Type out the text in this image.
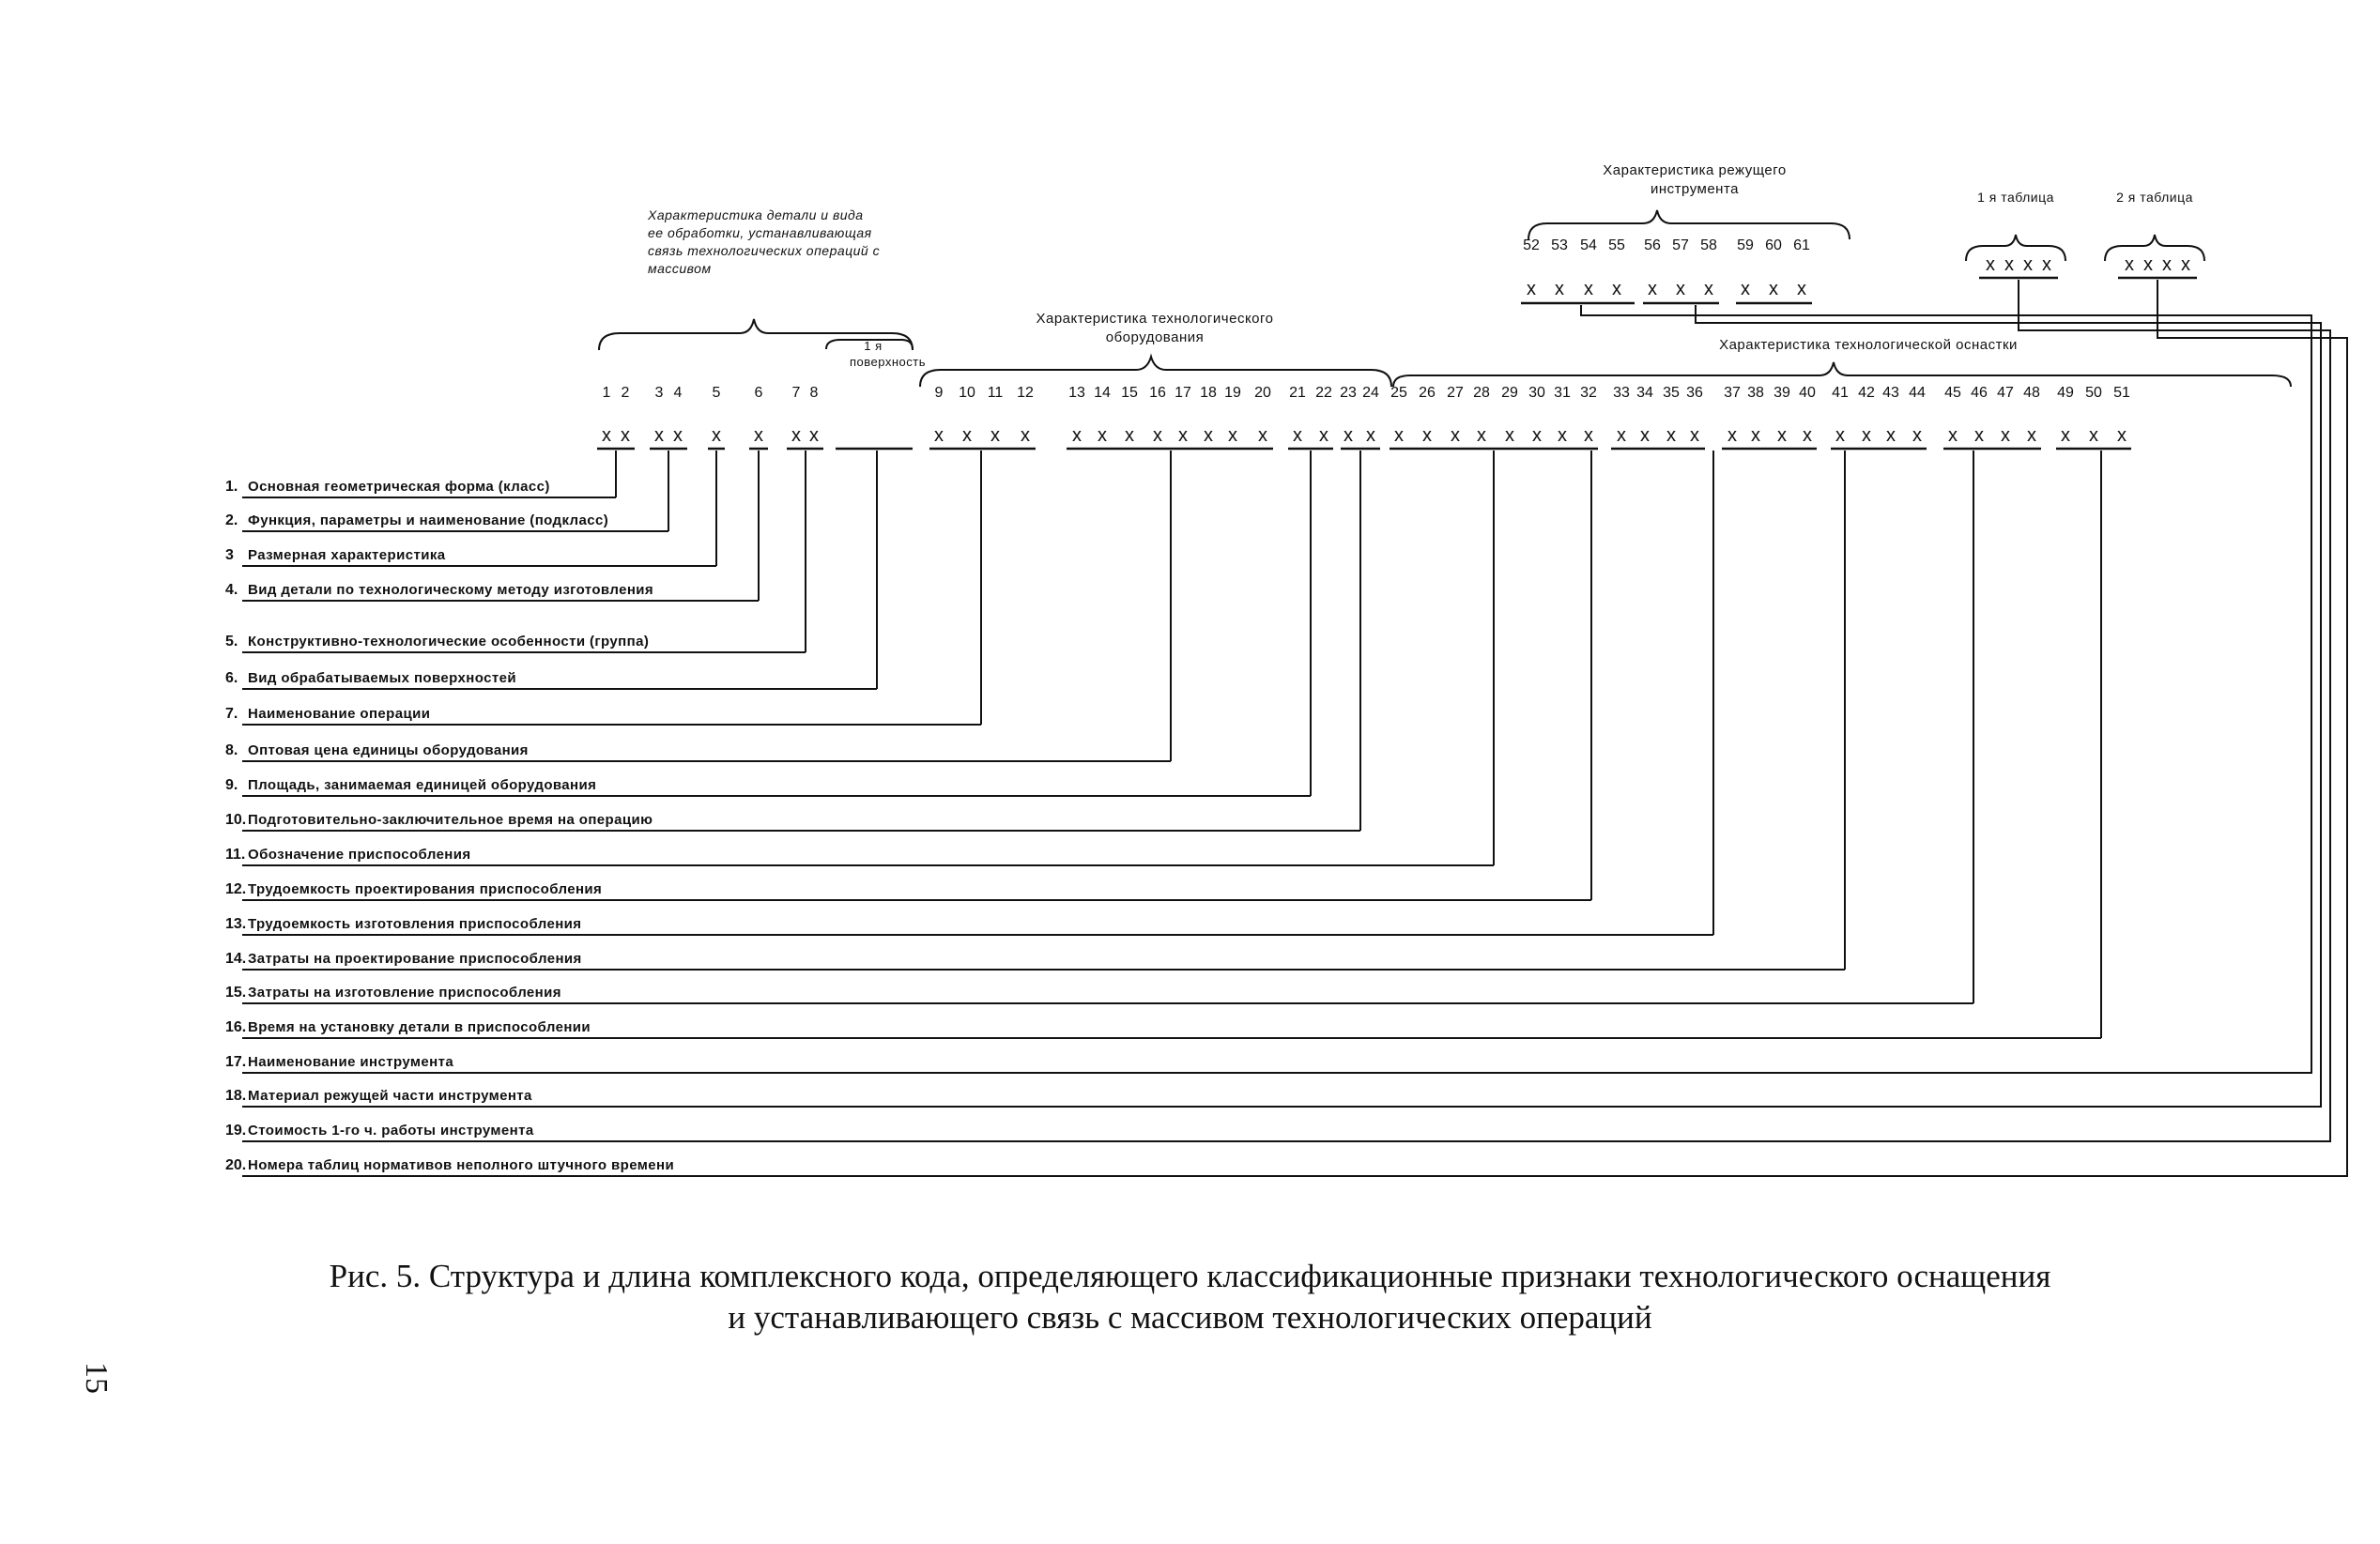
1 2 3 4 5 6 7 8	9 10 11 12 13 14 15 16 17 18 19 20 21 22 23 24 25 26 27 28 29 30 31 32 33 34 35 36 37 38 39 40 41 42 43 44 45 46 47 48 49 50 51
52 53 54 55 56 57 58 59 60 61
x x x x x x x x	x x x x x x x x x x x x x x x x x x x x x x x x x x x x x x x x x x x x x x x x x x x
x x x x x x x x x x
x x x x	x x x x
1. Основная геометрическая форма (класс)
2. Функция, параметры и наименование (подкласс)
3 Размерная характеристика
4. Вид детали по технологическому методу изготовления
5. Конструктивно-технологические особенности (группа)
6. Вид обрабатываемых поверхностей
7. Наименование операции
8. Оптовая цена единицы оборудования
9. Площадь, занимаемая единицей оборудования
10. Подготовительно-заключительное время на операцию
11. Обозначение приспособления
12. Трудоемкость проектирования приспособления
13. Трудоемкость изготовления приспособления
14. Затраты на проектирование приспособления
15. Затраты на изготовление приспособления
16. Время на установку детали в приспособлении
17. Наименование инструмента
18. Материал режущей части инструмента
19. Стоимость 1-го ч. работы инструмента
20. Номера таблиц нормативов неполного штучного времени
Характеристика детали и вида ее обработки, устанавливающая связь технологических операций с массивом
1 я поверхность
Характеристика технологического оборудования	Характеристика технологической оснастки
Характеристика режущего инструмента	1 я таблица	2 я таблица
Рис. 5. Структура и длина комплексного кода, определяющего классификационные признаки технологического оснащения
и устанавливающего связь с массивом технологических операций
15
